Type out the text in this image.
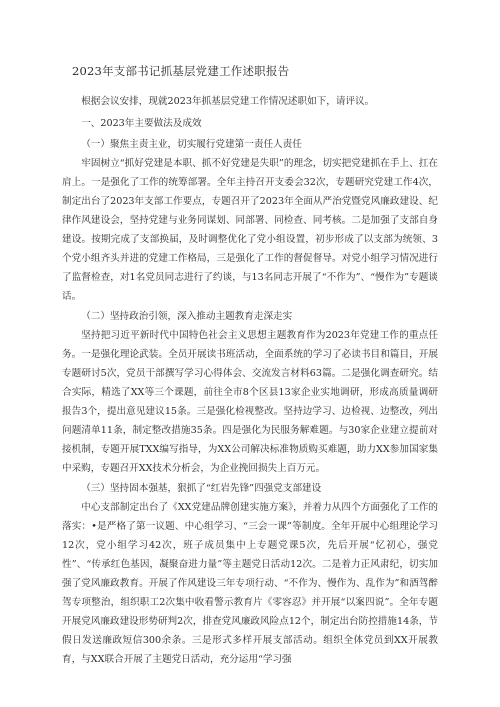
2023年支部书记抓基层党建工作述职报告

根据会议安排，现就2023年抓基层党建工作情况述职如下，请评议。

一、2023年主要做法及成效

（一）聚焦主责主业，切实履行党建第一责任人责任

牢固树立“抓好党建是本职、抓不好党建是失职”的理念，切实把党建抓在手上、扛在肩上。一是强化了工作的统筹部署。全年主持召开支委会32次，专题研究党建工作4次，制定出台了2023年支部工作要点，专题召开了2023年全面从严治党暨党风廉政建设、纪律作风建设会，坚持党建与业务同谋划、同部署、同检查、同考核。二是加强了支部自身建设。按期完成了支部换届，及时调整优化了党小组设置，初步形成了以支部为统领、3个党小组齐头并进的党建工作格局，三是强化了工作的督促督导。对党小组学习情况进行了监督检查，对1名党员同志进行了约谈，与13名同志开展了“不作为”、“慢作为”专题谈话。

（二）坚持政治引领，深入推动主题教育走深走实

坚持把习近平新时代中国特色社会主义思想主题教育作为2023年党建工作的重点任务。一是强化理论武装。全员开展读书班活动，全面系统的学习了必读书目和篇目，开展专题研讨5次，党员干部撰写学习心得体会、交流发言材料63篇。二是强化调查研究。结合实际，精选了XX等三个课题，前往全市8个区县13家企业实地调研，形成高质量调研报告3个，提出意见建议15条。三是强化检视整改。坚持边学习、边检视、边整改，列出问题清单11条，制定整改措施35条。四是强化为民服务解难题。与30家企业建立提前对接机制，专题开展TXX编写指导，为XX公司解决标准物质购买难题，助力XX参加国家集中采购，专题召开XX技术分析会，为企业挽回损失上百万元。

（三）坚持固本强基，狠抓了“红岩先锋”四强党支部建设

中心支部制定出台了《XX党建品牌创建实施方案》，并着力从四个方面强化了工作的落实：•是严格了第一议题、中心组学习、“三会一课”等制度。全年开展中心组理论学习12次，党小组学习42次，班子成员集中上专题党课5次，先后开展“忆初心，强党性”、“传承红色基因，凝聚奋进力量”等主题党日活动12次。二是着力正风肃纪，切实加强了党风廉政教育。开展了作风建设三年专项行动、“不作为、慢作为、乱作为”和酒驾醉驾专项整治，组织职工2次集中收看警示教育片《零容忍》并开展“以案四说”。全年专题开展党风廉政建设形势研判2次，排查党风廉政风险点12个，制定出台防控措施14条，节假日发送廉政短信300余条。三是形式多样开展支部活动。组织全体党员到XX开展教育，与XX联合开展了主题党日活动，充分运用“学习强
